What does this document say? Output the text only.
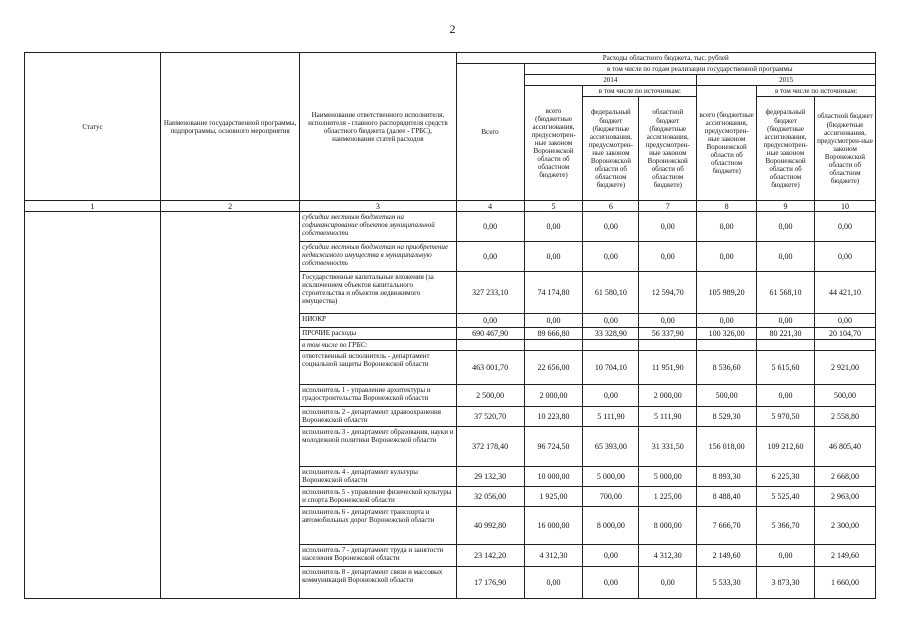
2
Статус	Наименование государственной программы, подпрограммы, основного мероприятия	Наименование ответственного исполнителя, исполнителя - главного распорядителя средств областного бюджета (далее - ГРБС), наименование статей расходов	Расходы областного бюджета, тыс. рублей						
			Всего	в том числе по годам реализации государственной программы					
				2014			2015		
				всего (бюджетные ассигнования, предусмотрен-ные законом Воронежской области об областном бюджете)	в том числе по источникам:		всего (бюджетные ассигнования, предусмотрен-ные законом Воронежской области об областном бюджете)	в том числе по источникам:	
					федеральный бюджет (бюджетные ассигнования, предусмотрен-ные законом Воронежской области об областном бюджете)	областной бюджет (бюджетные ассигнования, предусмотрен-ные законом Воронежской области об областном бюджете)		федеральный бюджет (бюджетные ассигнования, предусмотрен-ные законом Воронежской области об областном бюджете)	областной бюджет (бюджетные ассигнования, предусмотрен-ные законом Воронежской области об областном бюджете)
1	2	3	4	5	6	7	8	9	10
		субсидии местным бюджетам на софинансирование объектов муниципальной собственности	0,00	0,00	0,00	0,00	0,00	0,00	0,00
		субсидии местным бюджетам на приобретение недвижимого имущества в муниципальную собственность	0,00	0,00	0,00	0,00	0,00	0,00	0,00
		Государственные капитальные вложения (за исключением объектов капитального строительства и объектов недвижимого имущества)	327 233,10	74 174,80	61 580,10	12 594,70	105 989,20	61 568,10	44 421,10
		НИОКР	0,00	0,00	0,00	0,00	0,00	0,00	0,00
		ПРОЧИЕ расходы	690 467,90	89 666,80	33 328,90	56 337,90	100 326,00	80 221,30	20 104,70
		в том числе по ГРБС:							
		ответственный исполнитель - департамент социальной защиты Воронежской области	463 001,70	22 656,00	10 704,10	11 951,90	8 536,60	5 615,60	2 921,00
		исполнитель 1 - управление архитектуры и градостроительства Воронежской области	2 500,00	2 000,00	0,00	2 000,00	500,00	0,00	500,00
		исполнитель 2 - департамент здравоохранения Воронежской области	37 520,70	10 223,80	5 111,90	5 111,90	8 529,30	5 970,50	2 558,80
		исполнитель 3 - департамент образования, науки и молодежной политики Воронежской области	372 178,40	96 724,50	65 393,00	31 331,50	156 018,00	109 212,60	46 805,40
		исполнитель 4 - департамент культуры Воронежской области	29 132,30	10 000,00	5 000,00	5 000,00	8 893,30	6 225,30	2 668,00
		исполнитель 5 - управление физической культуры и спорта Воронежской области	32 056,00	1 925,00	700,00	1 225,00	8 488,40	5 525,40	2 963,00
		исполнитель 6 - департамент транспорта и автомобильных дорог Воронежской области	40 992,80	16 000,00	8 000,00	8 000,00	7 666,70	5 366,70	2 300,00
		исполнитель 7 - департамент труда и занятости населения Воронежской области	23 142,20	4 312,30	0,00	4 312,30	2 149,60	0,00	2 149,60
		исполнитель 8 - департамент связи и массовых коммуникаций Воронежской области	17 176,90	0,00	0,00	0,00	5 533,30	3 873,30	1 660,00
